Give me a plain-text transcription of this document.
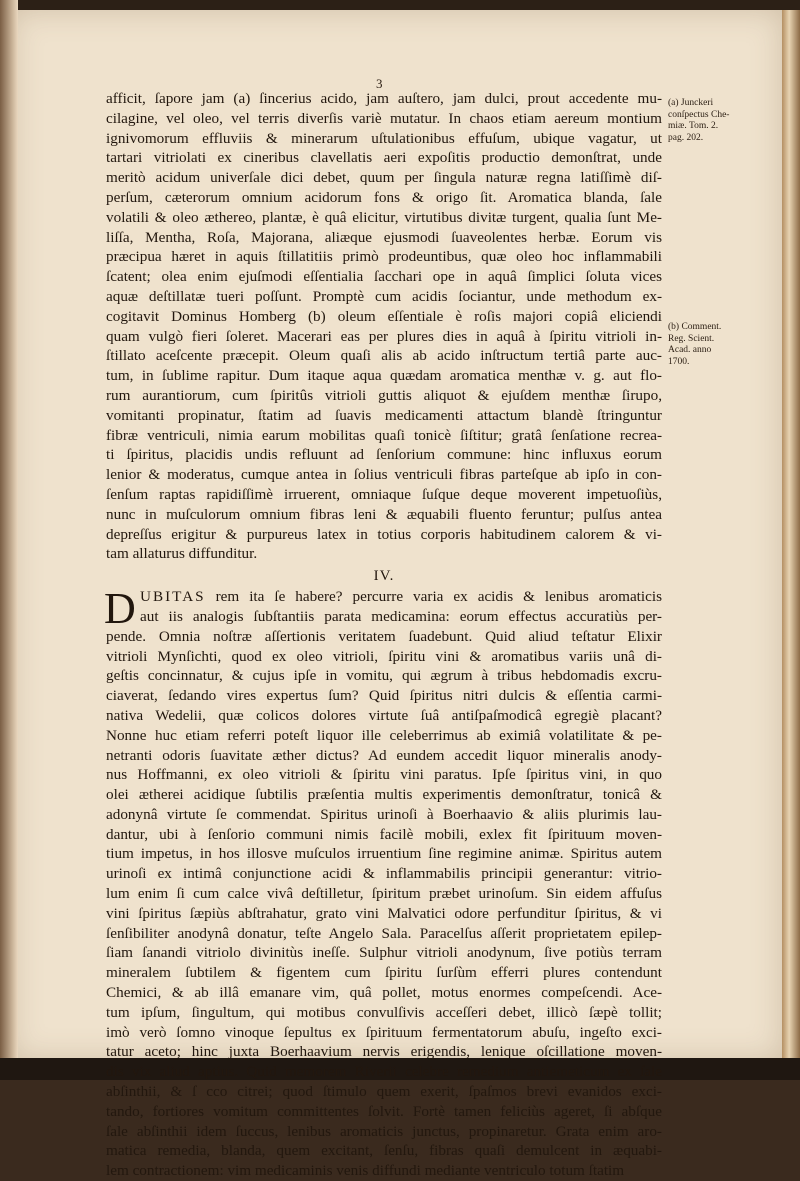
3
afficit, ſapore jam (a) ſincerius acido, jam auſtero, jam dulci, prout accedente mu-
cilagine, vel oleo, vel terris diverſis variè mutatur. In chaos etiam aereum montium
ignivomorum effluviis & minerarum uſtulationibus effuſum, ubique vagatur, ut
tartari vitriolati ex cineribus clavellatis aeri expoſitis productio demonſtrat, unde
meritò acidum univerſale dici debet, quum per ſingula naturæ regna latiſſimè diſ-
perſum, cæterorum omnium acidorum fons & origo ſit. Aromatica blanda, ſale
volatili & oleo æthereo, plantæ, è quâ elicitur, virtutibus divitæ turgent, qualia ſunt Me-
liſſa, Mentha, Roſa, Majorana, aliæque ejusmodi ſuaveolentes herbæ. Eorum vis
præcipua hæret in aquis ſtillatitiis primò prodeuntibus, quæ oleo hoc inflammabili
ſcatent; olea enim ejuſmodi eſſentialia ſacchari ope in aquâ ſimplici ſoluta vices
aquæ deſtillatæ tueri poſſunt. Promptè cum acidis ſociantur, unde methodum ex-
cogitavit Dominus Homberg (b) oleum eſſentiale è roſis majori copiâ eliciendi
quam vulgò fieri ſoleret. Macerari eas per plures dies in aquâ à ſpiritu vitrioli in-
ſtillato aceſcente præcepit. Oleum quaſi alis ab acido inſtructum tertiâ parte auc-
tum, in ſublime rapitur. Dum itaque aqua quædam aromatica menthæ v. g. aut flo-
rum aurantiorum, cum ſpiritûs vitrioli guttis aliquot & ejuſdem menthæ ſirupo,
vomitanti propinatur, ſtatim ad ſuavis medicamenti attactum blandè ſtringuntur
fibræ ventriculi, nimia earum mobilitas quaſi tonicè ſiſtitur; gratâ ſenſatione recrea-
ti ſpiritus, placidis undis refluunt ad ſenſorium commune: hinc influxus eorum
lenior & moderatus, cumque antea in ſolius ventriculi fibras parteſque ab ipſo in con-
ſenſum raptas rapidiſſimè irruerent, omniaque ſuſque deque moverent impetuoſiùs,
nunc in muſculorum omnium fibras leni & æquabili fluento feruntur; pulſus antea
depreſſus erigitur & purpureus latex in totius corporis habitudinem calorem & vi-
tam allaturus diffunditur.
IV.
D UBITAS rem ita ſe habere? percurre varia ex acidis & lenibus aromaticis
aut iis analogis ſubſtantiis parata medicamina: eorum effectus accuratiùs per-
pende. Omnia noſtræ aſſertionis veritatem ſuadebunt. Quid aliud teſtatur Elixir
vitrioli Mynſichti, quod ex oleo vitrioli, ſpiritu vini & aromatibus variis unâ di-
geſtis concinnatur, & cujus ipſe in vomitu, qui ægrum à tribus hebdomadis excru-
ciaverat, ſedando vires expertus ſum? Quid ſpiritus nitri dulcis & eſſentia carmi-
nativa Wedelii, quæ colicos dolores virtute ſuâ antiſpaſmodicâ egregiè placant?
Nonne huc etiam referri poteſt liquor ille celeberrimus ab eximiâ volatilitate & pe-
netranti odoris ſuavitate æther dictus? Ad eundem accedit liquor mineralis anody-
nus Hoffmanni, ex oleo vitrioli & ſpiritu vini paratus. Ipſe ſpiritus vini, in quo
olei ætherei acidique ſubtilis præſentia multis experimentis demonſtratur, tonicâ &
adonynâ virtute ſe commendat. Spiritus urinoſi à Boerhaavio & aliis plurimis lau-
dantur, ubi à ſenſorio communi nimis facilè mobili, exlex fit ſpirituum moven-
tium impetus, in hos illosve muſculos irruentium ſine regimine animæ. Spiritus autem
urinoſi ex intimâ conjunctione acidi & inflammabilis principii generantur: vitrio-
lum enim ſi cum calce vivâ deſtilletur, ſpiritum præbet urinoſum. Sin eidem affuſus
vini ſpiritus ſæpiùs abſtrahatur, grato vini Malvatici odore perfunditur ſpiritus, & vi
ſenſibiliter anodynâ donatur, teſte Angelo Sala. Paracelſus aſſerit proprietatem epilep-
ſiam ſanandi vitriolo divinitùs ineſſe. Sulphur vitrioli anodynum, ſive potiùs terram
mineralem ſubtilem & figentem cum ſpiritu ſurſùm efferri plures contendunt
Chemici, & ab illâ emanare vim, quâ pollet, motus enormes compeſcendi. Ace-
tum ipſum, ſingultum, qui motibus convulſivis acceſſeri debet, illicò ſæpè tollit;
imò verò ſomno vinoque ſepultus ex ſpirituum fermentatorum abuſu, ingeſto exci-
tatur aceto; hinc juxta Boerhaavium nervis erigendis, lenique oſcillatione moven-
dis vix aliud aptius. Quid memorem Riverii celebre remedium antiemeticum ex ſale
abſinthii, & ſ cco citrei; quod ſtimulo quem exerit, ſpaſmos brevi evanidos exci-
tando, fortiores vomitum committentes ſolvit. Fortè tamen feliciùs ageret, ſi abſque
ſale abſinthii idem ſuccus, lenibus aromaticis junctus, propinaretur. Grata enim aro-
matica remedia, blanda, quem excitant, ſenſu, fibras quaſi demulcent in æquabi-
lem contractionem: vim medicaminis venis diffundi mediante ventriculo totum ſtatim
(a) Junckeri
conſpectus Che-
miæ. Tom. 2.
pag. 202.
(b) Comment.
Reg. Scient.
Acad. anno
1700.
